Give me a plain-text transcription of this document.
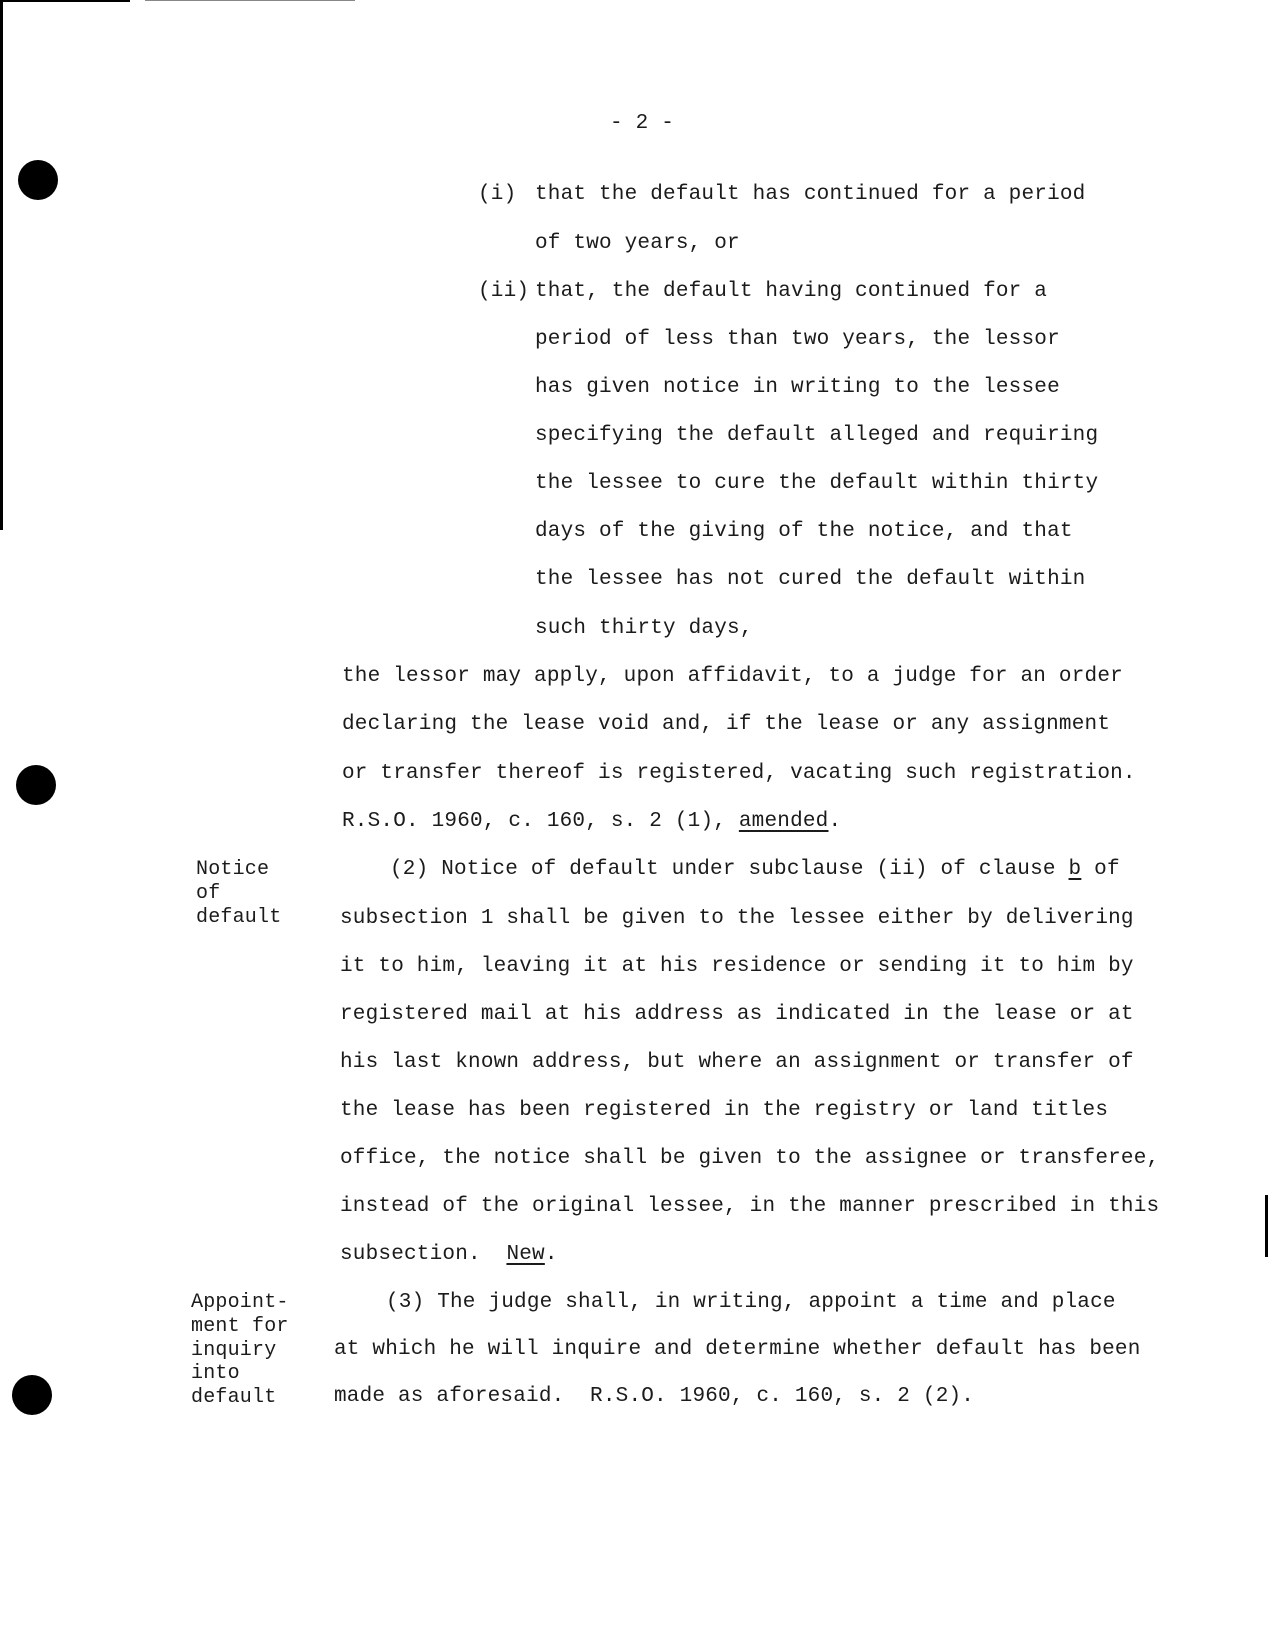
- 2 -
(i) that the default has continued for a period
of two years, or
(ii) that, the default having continued for a
period of less than two years, the lessor
has given notice in writing to the lessee
specifying the default alleged and requiring
the lessee to cure the default within thirty
days of the giving of the notice, and that
the lessee has not cured the default within
such thirty days,
the lessor may apply, upon affidavit, to a judge for an order
declaring the lease void and, if the lease or any assignment
or transfer thereof is registered, vacating such registration.
R.S.O. 1960, c. 160, s. 2 (1), amended.
Notice
of
default
(2) Notice of default under subclause (ii) of clause b of
subsection 1 shall be given to the lessee either by delivering
it to him, leaving it at his residence or sending it to him by
registered mail at his address as indicated in the lease or at
his last known address, but where an assignment or transfer of
the lease has been registered in the registry or land titles
office, the notice shall be given to the assignee or transferee,
instead of the original lessee, in the manner prescribed in this
subsection. New.
Appoint-
ment for
inquiry
into
default
(3) The judge shall, in writing, appoint a time and place
at which he will inquire and determine whether default has been
made as aforesaid.  R.S.O. 1960, c. 160, s. 2 (2).
